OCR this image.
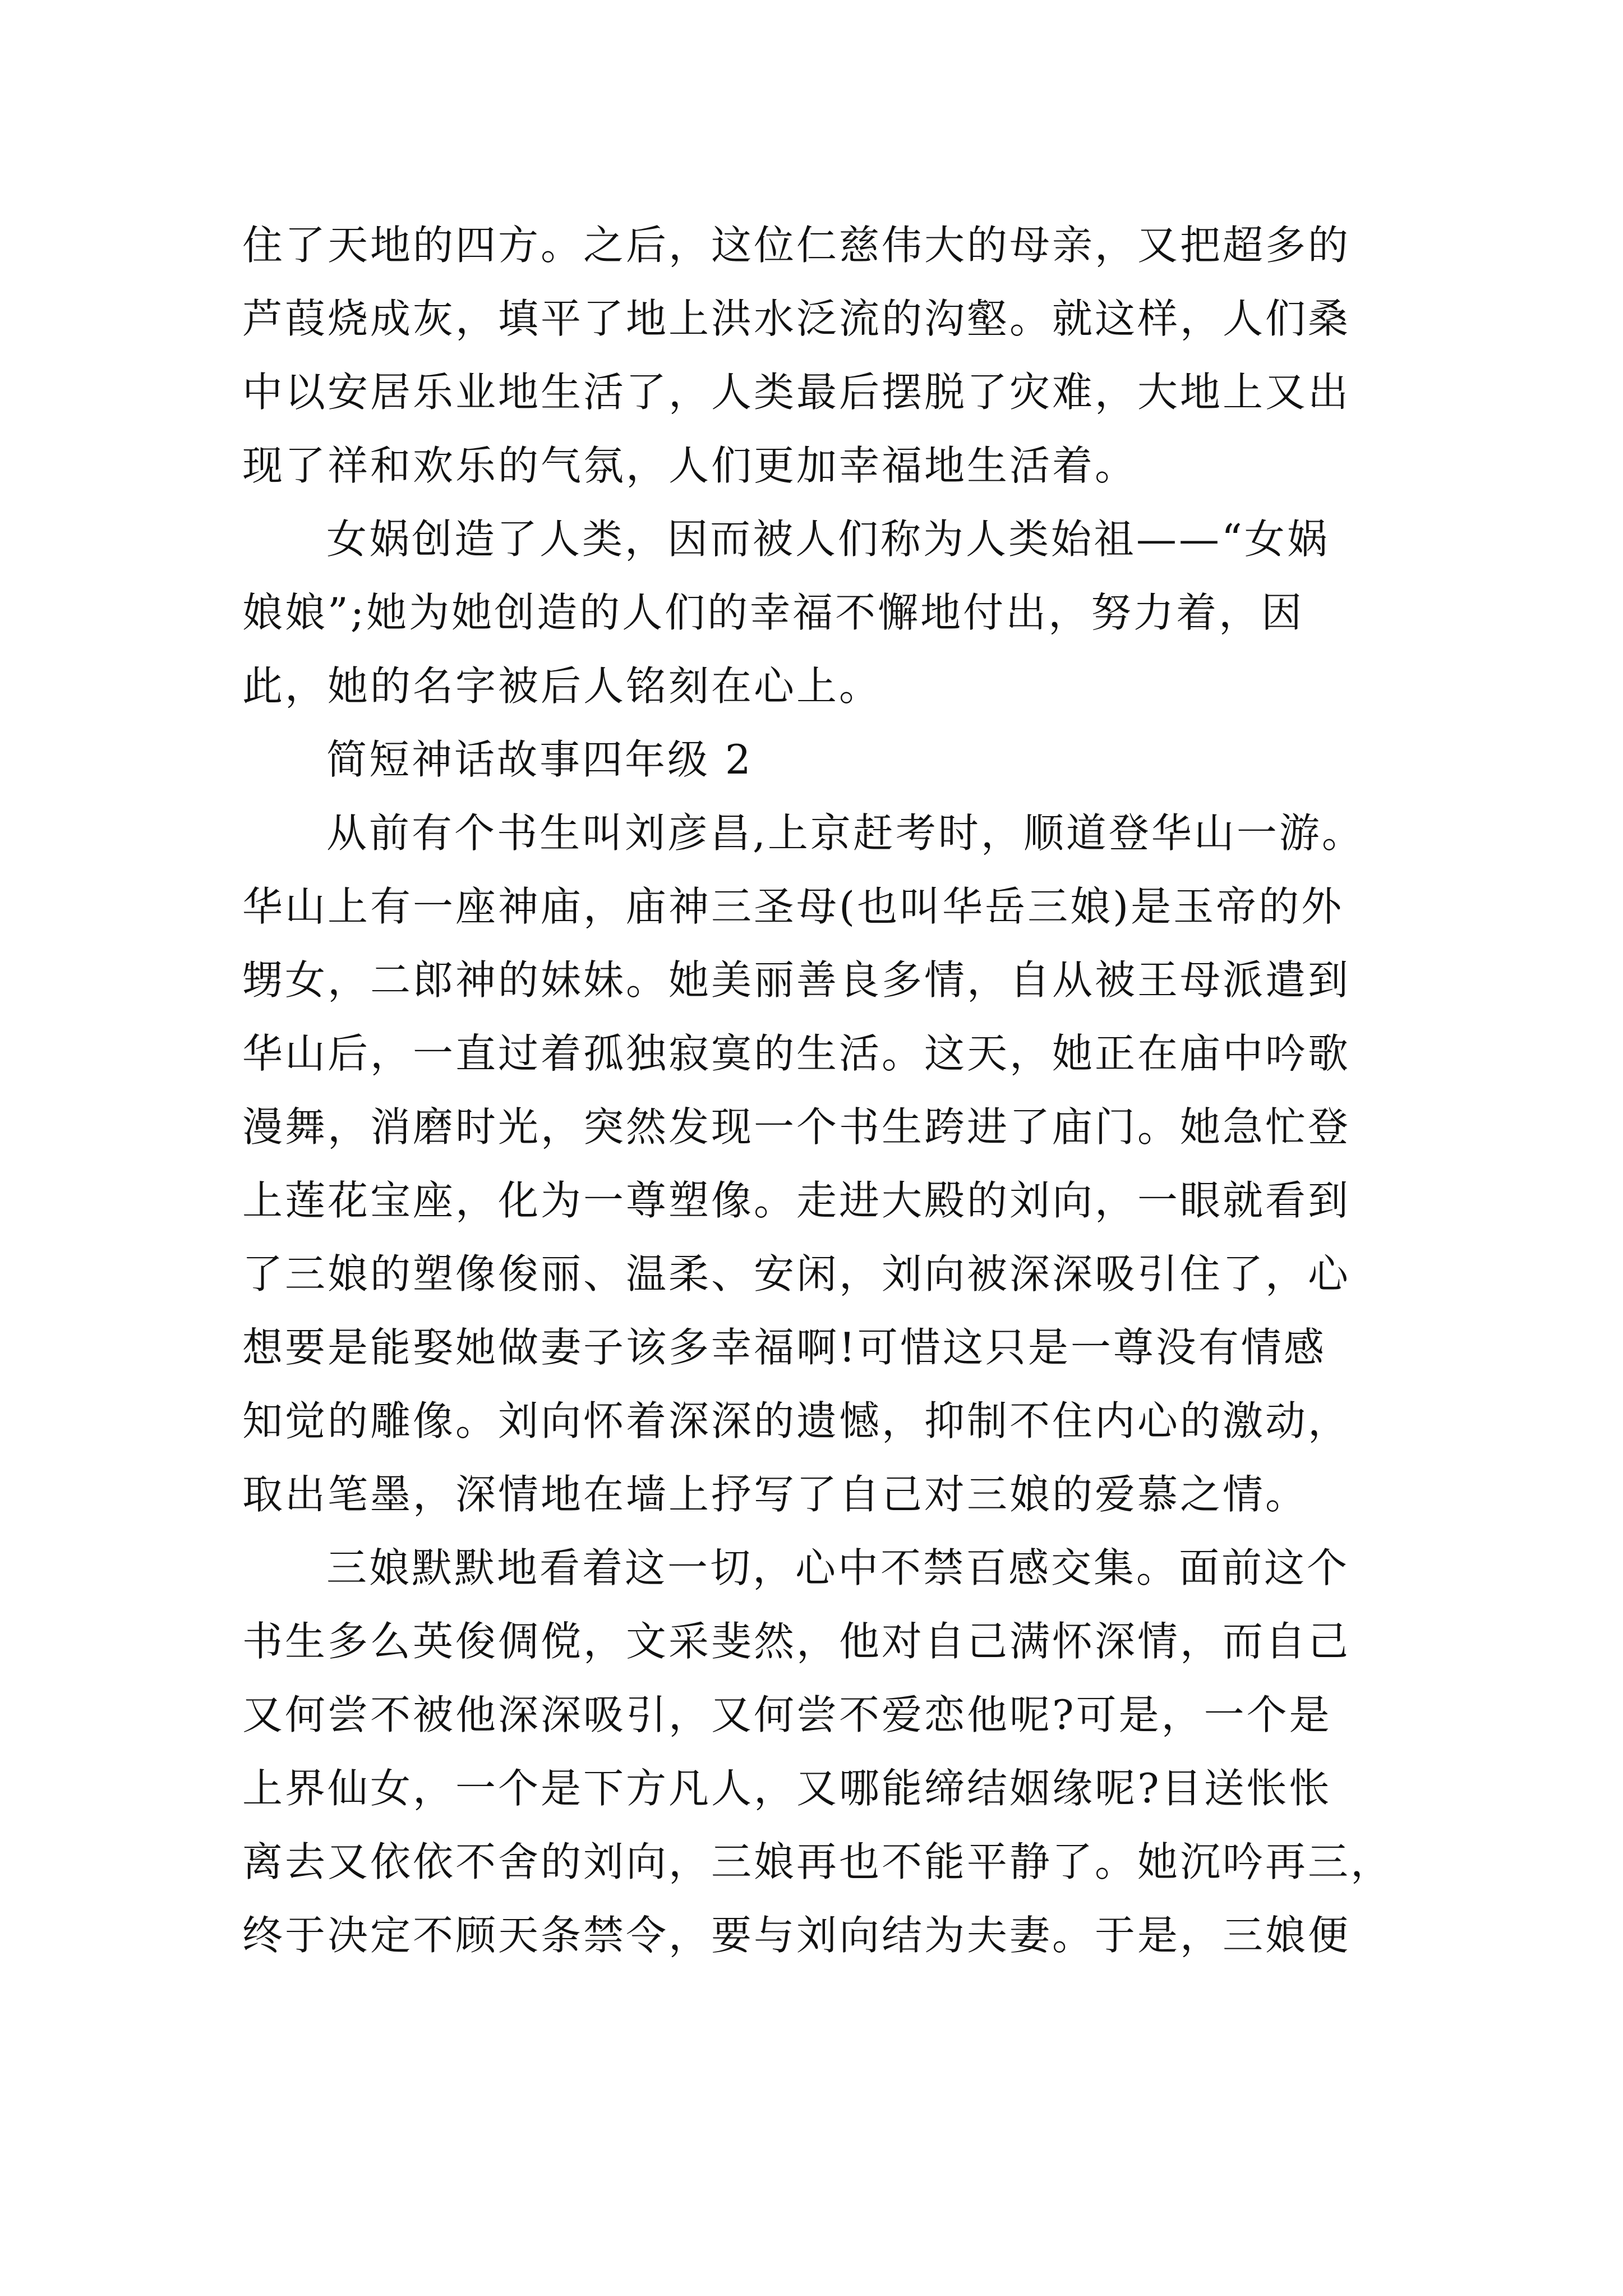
住了天地的四方。之后，这位仁慈伟大的母亲，又把超多的
芦葭烧成灰，填平了地上洪水泛流的沟壑。就这样，人们桑
中以安居乐业地生活了，人类最后摆脱了灾难，大地上又出
现了祥和欢乐的气氛，人们更加幸福地生活着。
女娲创造了人类，因而被人们称为人类始祖——“女娲
娘娘”;她为她创造的人们的幸福不懈地付出，努力着，因
此，她的名字被后人铭刻在心上。
简短神话故事四年级 2
从前有个书生叫刘彦昌,上京赶考时，顺道登华山一游。
华山上有一座神庙，庙神三圣母(也叫华岳三娘)是玉帝的外
甥女，二郎神的妹妹。她美丽善良多情，自从被王母派遣到
华山后，一直过着孤独寂寞的生活。这天，她正在庙中吟歌
漫舞，消磨时光，突然发现一个书生跨进了庙门。她急忙登
上莲花宝座，化为一尊塑像。走进大殿的刘向，一眼就看到
了三娘的塑像俊丽、温柔、安闲，刘向被深深吸引住了，心
想要是能娶她做妻子该多幸福啊!可惜这只是一尊没有情感
知觉的雕像。刘向怀着深深的遗憾，抑制不住内心的激动，
取出笔墨，深情地在墙上抒写了自己对三娘的爱慕之情。
三娘默默地看着这一切，心中不禁百感交集。面前这个
书生多么英俊倜傥，文采斐然，他对自己满怀深情，而自己
又何尝不被他深深吸引，又何尝不爱恋他呢?可是，一个是
上界仙女，一个是下方凡人，又哪能缔结姻缘呢?目送怅怅
离去又依依不舍的刘向，三娘再也不能平静了。她沉吟再三，
终于决定不顾天条禁令，要与刘向结为夫妻。于是，三娘便
